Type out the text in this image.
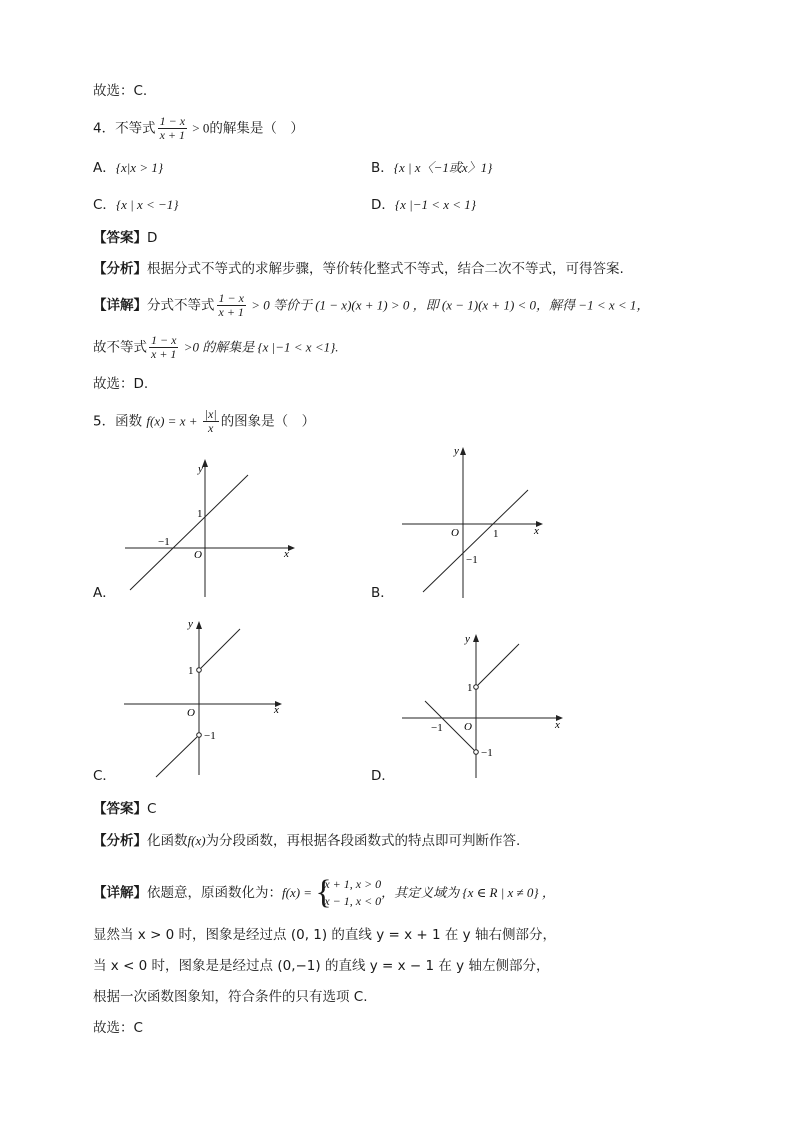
故选：C.
4．不等式 $\frac{1 - x}{x + 1} > 0$的解集是（　）
A．{x|x > 1}	B．{x | x〈−1或x〉1}
C．{x | x < −1}	D．{x |−1 < x < 1}
【答案】D
【分析】根据分式不等式的求解步骤，等价转化整式不等式，结合二次不等式，可得答案.
【详解】分式不等式 $\frac{1 - x}{x + 1} > 0$ 等价于 (1 − x)(x + 1) > 0 ，即 (x − 1)(x + 1) < 0，解得 −1 < x < 1，
故不等式 $\frac{1 - x}{x + 1} >0$ 的解集是 {x |−1 < x <1}.
故选：D.
5．函数 $f(x) = x + \frac{|x|}{x}$ 的图象是（　）
y
x
O
1
−1
A．
y
x
O	1
−1
B．
y
x
O
1
−1
C．
y
x
O
1
−1
−1
D．
【答案】C
【分析】化函数f(x)为分段函数，再根据各段函数式的特点即可判断作答.
【详解】依题意，原函数化为：f(x) = {
x + 1, x > 0
x − 1, x < 0
，其定义域为 {x ∈ R | x ≠ 0} ，
显然当 x > 0 时，图象是经过点 (0, 1) 的直线 y = x + 1 在 y 轴右侧部分，
当 x < 0 时，图象是是经过点 (0,−1) 的直线 y = x − 1 在 y 轴左侧部分，
根据一次函数图象知，符合条件的只有选项 C.
故选：C
